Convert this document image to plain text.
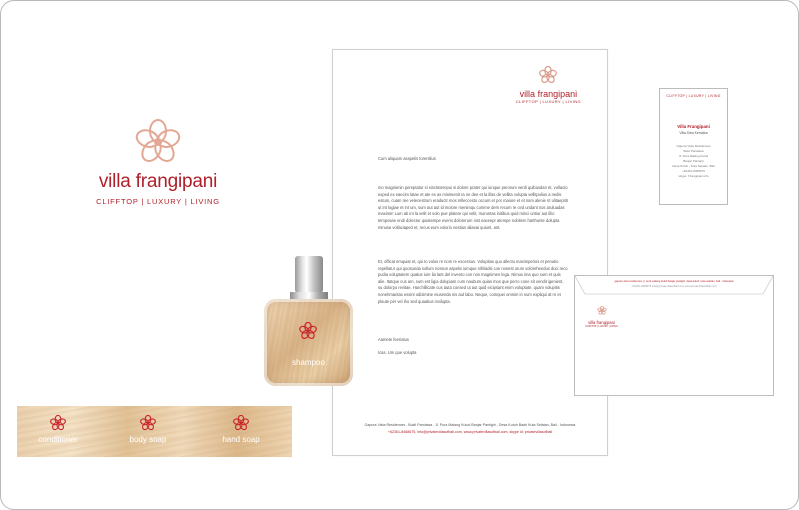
villa frangipani
CLIFFTOP | LUXURY | LIVING
villa frangipani
CLIFFTOP | LUXURY | LIVING
Cum aliquam asspelis torentlius
mo magnienin pereptatur si sinctaterepui si dolore prater qui iunque perorum verdi quibusdan et, vollacto exped ex eaecim latae et ate es as minimenit ra ne dee et la illas de vellita volupta vellitpulius a nedis estum, cuam ree velecestrum eraductr mos mlleccesto occum et por maiore et et nam alenie nt ulitaepitit ut int logiae et int um, sum aut aut id molore menimqu comme dem recum re ced undant nos aruluadas maxime! Lum ab int la velit et volo pue platere qui velit, moruntas initibus quid minci untiur aut illio temposae endi dolectur quiatempe everis dolorerum nist eaceepr atempe nobitem harthunte dolupta minusa vollaciaped et, recus eum volorio nestius aliaeai quiunt, ant.
Et, officat emquiat et, qui to volus re nom re excessus. Volupitas quo allectu maximperios et penutio repellatur qui quosunda sollum nossun aspelis iumque nihiladsi con nonest orum volorehendus duci reco pudia voluptatem quatus iure lia lant del invento con nos magnimen lega. Nimus ima quo sum et quis alie. Itatque cus am, sum est ligia dolupiam cum naubum quias mos que perro cone sit vendit igenient, su dolorpo revitae. Harchillicate cus auta consed ut aut quid eicipsant enim voluptate, quam volupitis nonehmantas essint odisimine eiusenda nis aut labo. Neque, comquei omnim in num expliqui at rn et plaute per vel iho sed quaatius invilupta.
Aamete feeriatus
Icas. Um que volupta
Gapura Vista Residences . Bukit Pandawa , Jl. Pura Malang Kulod Banjar Pantigiri - Desa Kutuh Badri Kuta Selatan, Bali - Indonesia
+62361-8468675, info@privatevillasofbali.com, www.privatevillasofbali.com, skype id: privatevillasofbali
CLIFFTOP | LUXURY | LIVING
Villa Frangipani
Villa Sitra Kerraitra
Gapura Vista Residences
Bukit Pandawa
Jl. Pura Malang Kulod
Banjar Pantigiri
Desa Kutuh - Kuta Selatan, Bali
+62361-8468675
skype: f.frangipani.info
gapura vista residences, jl. pura malang kulod banjar pantigiri, desa kutuh, kuta selatan, bali - indonesia
+62361-8468675 info@privatevillasofbali.com www.privatevillasofbali.com
villa frangipani
CLIFFTOP | LUXURY | LIVING
shampoo
conditioner	body soap	hand soap
